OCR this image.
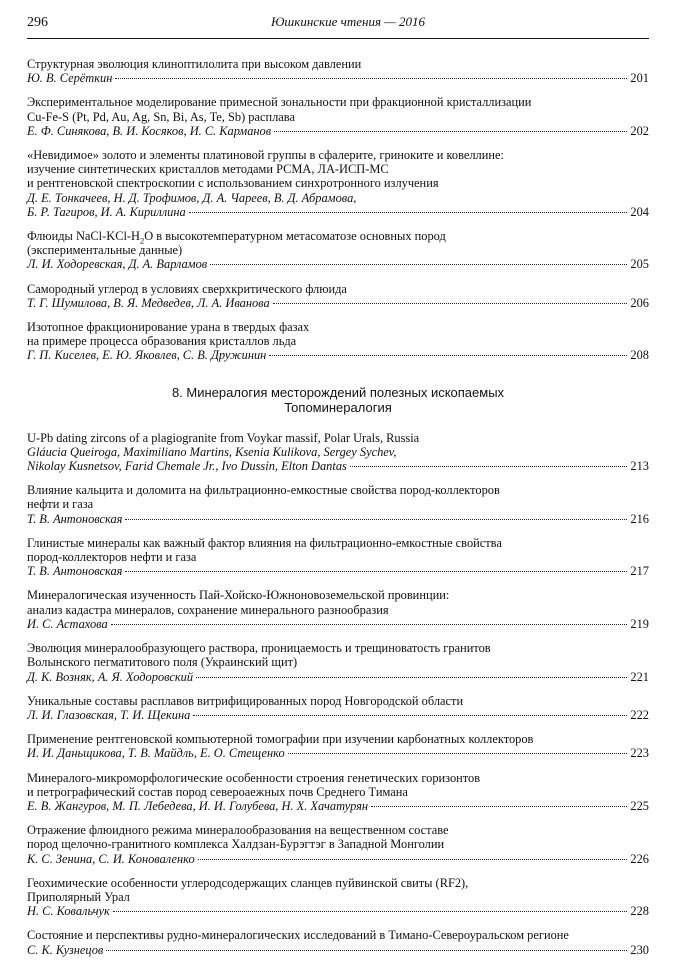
296	Юшкинские чтения — 2016
Структурная эволюция клиноптилолита при высоком давлении
Ю. В. Серёткин	201
Экспериментальное моделирование примесной зональности при фракционной кристаллизации
Cu-Fe-S (Pt, Pd, Au, Ag, Sn, Bi, As, Te, Sb) расплава
Е. Ф. Синякова, В. И. Косяков, И. С. Карманов	202
«Невидимое» золото и элементы платиновой группы в сфалерите, гриноките и ковеллине:
изучение синтетических кристаллов методами РСМА, ЛА-ИСП-МС
и рентгеновской спектроскопии с использованием синхротронного излучения
Д. Е. Тонкачеев, Н. Д. Трофимов, Д. А. Чареев, В. Д. Абрамова,
Б. Р. Тагиров, И. А. Кириллина	204
Флюиды NaCl-$KCl-H_2O$ в высокотемпературном метасоматозе основных пород
(экспериментальные данные)
Л. И. Ходоревская, Д. А. Варламов	205
Самородный углерод в условиях сверхкритического флюида
Т. Г. Шумилова, В. Я. Медведев, Л. А. Иванова	206
Изотопное фракционирование урана в твердых фазах
на примере процесса образования кристаллов льда
Г. П. Киселев, Е. Ю. Яковлев, С. В. Дружинин	208
8. Минералогия месторождений полезных ископаемых
Топоминералогия
U-Pb dating zircons of a plagiogranite from Voykar massif, Polar Urals, Russia
Gláucia Queiroga, Maximiliano Martins, Ksenia Kulikova, Sergey Sychev,
Nikolay Kusnetsov, Farid Chemale Jr., Ivo Dussin, Elton Dantas	213
Влияние кальцита и доломита на фильтрационно-емкостные свойства пород-коллекторов
нефти и газа
Т. В. Антоновская	216
Глинистые минералы как важный фактор влияния на фильтрационно-емкостные свойства
пород-коллекторов нефти и газа
Т. В. Антоновская	217
Минералогическая изученность Пай-Хойско-Южноновоземельской провинции:
анализ кадастра минералов, сохранение минерального разнообразия
И. С. Астахова	219
Эволюция минералообразующего раствора, проницаемость и трещиноватость гранитов
Волынского пегматитового поля (Украинский щит)
Д. К. Возняк, А. Я. Ходоровский	221
Уникальные составы расплавов витрифицированных пород Новгородской области
Л. И. Глазовская, Т. И. Щекина	222
Применение рентгеновской компьютерной томографии при изучении карбонатных коллекторов
И. И. Даньщикова, Т. В. Майдль, Е. О. Стещенко	223
Минералого-микроморфологические особенности строения генетических горизонтов
и петрографический состав пород североаежных почв Среднего Тимана
Е. В. Жангуров, М. П. Лебедева, И. И. Голубева, Н. Х. Хачатурян	225
Отражение флюидного режима минералообразования на вещественном составе
пород щелочно-гранитного комплекса Халдзан-Бурэгтэг в Западной Монголии
К. С. Зенина, С. И. Коноваленко	226
Геохимические особенности углеродсодержащих сланцев пуйвинской свиты (RF2),
Приполярный Урал
Н. С. Ковальчук	228
Состояние и перспективы рудно-минералогических исследований в Тимано-Североуральском регионе
С. К. Кузнецов	230
